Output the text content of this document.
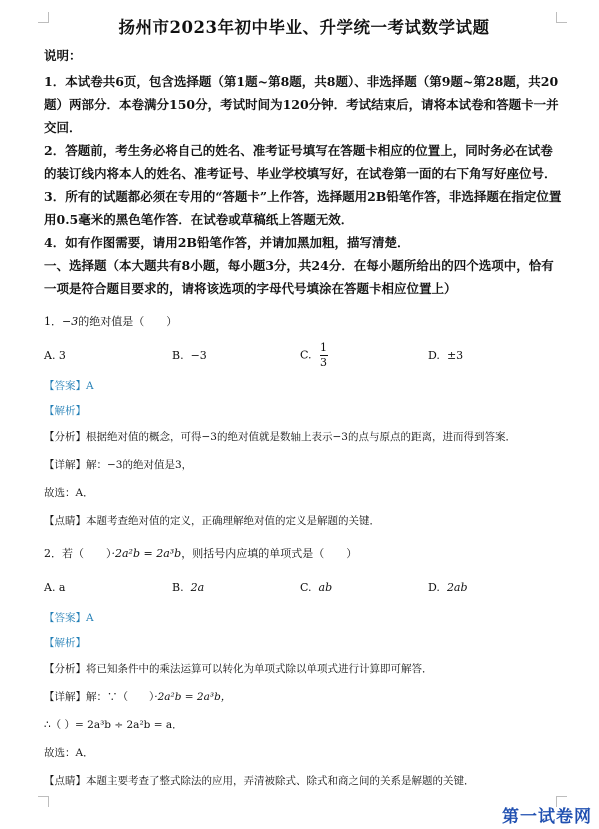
扬州市2023年初中毕业、升学统一考试数学试题
说明：

1．本试卷共6页，包含选择题（第1题~第8题，共8题）、非选择题（第9题~第28题，共20题）两部分．本卷满分150分，考试时间为120分钟．考试结束后，请将本试卷和答题卡一并交回．

2．答题前，考生务必将自己的姓名、准考证号填写在答题卡相应的位置上，同时务必在试卷的装订线内将本人的姓名、准考证号、毕业学校填写好，在试卷第一面的右下角写好座位号．

3．所有的试题都必须在专用的“答题卡”上作答，选择题用2B铅笔作答，非选择题在指定位置用0.5毫米的黑色笔作答．在试卷或草稿纸上答题无效．

4．如有作图需要，请用2B铅笔作答，并请加黑加粗，描写清楚．

一、选择题（本大题共有8小题，每小题3分，共24分．在每小题所给出的四个选项中，恰有一项是符合题目要求的，请将该选项的字母代号填涂在答题卡相应位置上）

1．−3的绝对值是（　　）
A. 3	B. −3	C. $\frac{1}{3}$	D. ±3
【答案】A
【解析】
【分析】根据绝对值的概念，可得−3的绝对值就是数轴上表示−3的点与原点的距离，进而得到答案．
【详解】解：−3的绝对值是3，
故选：A．
【点睛】本题考查绝对值的定义，正确理解绝对值的定义是解题的关键．
2．若（　　）·2a²b = 2a³b，则括号内应填的单项式是（　　）
A. a	B. 2a	C. ab	D. 2ab
【答案】A
【解析】
【分析】将已知条件中的乘法运算可以转化为单项式除以单项式进行计算即可解答．
【详解】解：∵（　　）·2a²b = 2a³b，
∴（ ）= 2a³b ÷ 2a²b = a．
故选：A．
【点睛】本题主要考查了整式除法的应用，弄清被除式、除式和商之间的关系是解题的关键．
第一试卷网
